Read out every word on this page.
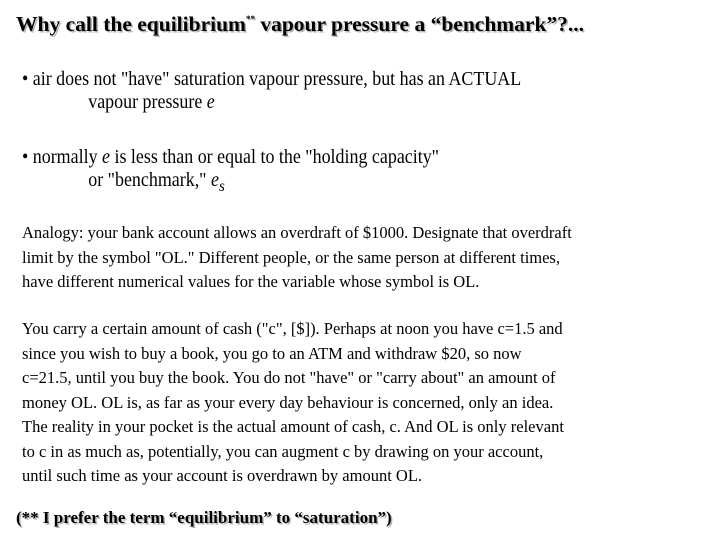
Why call the equilibrium** vapour pressure a “benchmark”?...
• air does not "have" saturation vapour pressure, but has an ACTUAL
vapour pressure e
• normally e is less than or equal to the "holding capacity"
or "benchmark," $e_s$
Analogy: your bank account allows an overdraft of $1000. Designate that overdraft
limit by the symbol "OL." Different people, or the same person at different times,
have different numerical values for the variable whose symbol is OL.
You carry a certain amount of cash ("c", [$]). Perhaps at noon you have c=1.5 and
since you wish to buy a book, you go to an ATM and withdraw $20, so now
c=21.5, until you buy the book. You do not "have" or "carry about" an amount of
money OL. OL is, as far as your every day behaviour is concerned, only an idea.
The reality in your pocket is the actual amount of cash, c. And OL is only relevant
to c in as much as, potentially, you can augment c by drawing on your account,
until such time as your account is overdrawn by amount OL.
(** I prefer the term “equilibrium” to “saturation”)
